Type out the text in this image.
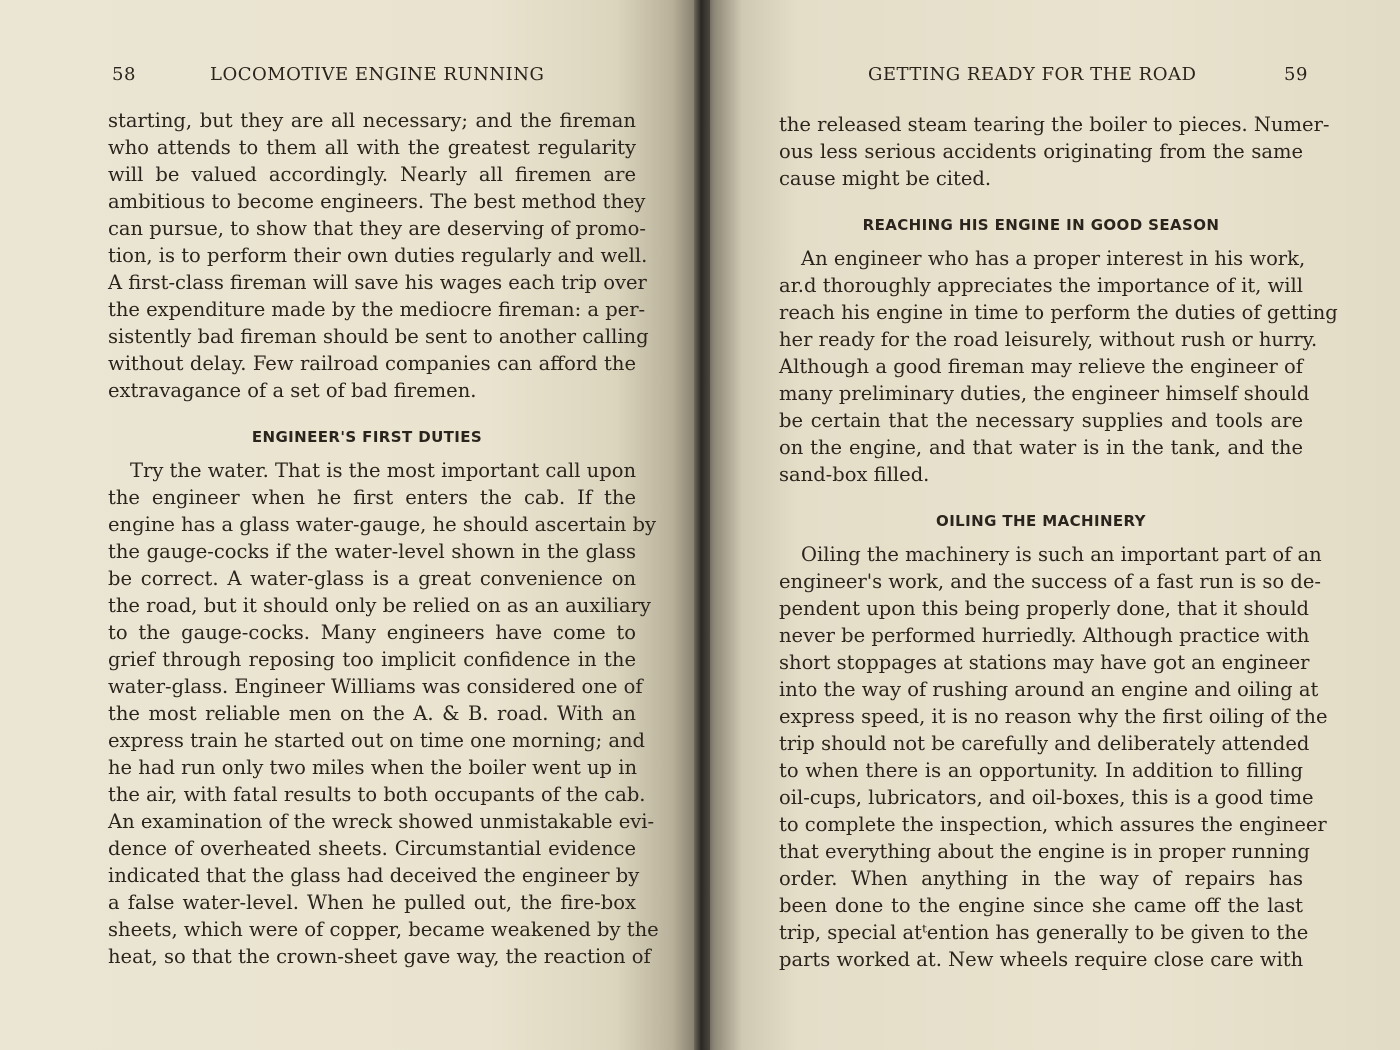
58	LOCOMOTIVE ENGINE RUNNING
starting, but they are all necessary; and the fireman
who attends to them all with the greatest regularity
will be valued accordingly. Nearly all firemen are
ambitious to become engineers. The best method they
can pursue, to show that they are deserving of promo-
tion, is to perform their own duties regularly and well.
A first-class fireman will save his wages each trip over
the expenditure made by the mediocre fireman: a per-
sistently bad fireman should be sent to another calling
without delay. Few railroad companies can afford the
extravagance of a set of bad firemen.
ENGINEER'S FIRST DUTIES
Try the water. That is the most important call upon
the engineer when he first enters the cab. If the
engine has a glass water-gauge, he should ascertain by
the gauge-cocks if the water-level shown in the glass
be correct. A water-glass is a great convenience on
the road, but it should only be relied on as an auxiliary
to the gauge-cocks. Many engineers have come to
grief through reposing too implicit confidence in the
water-glass. Engineer Williams was considered one of
the most reliable men on the A. & B. road. With an
express train he started out on time one morning; and
he had run only two miles when the boiler went up in
the air, with fatal results to both occupants of the cab.
An examination of the wreck showed unmistakable evi-
dence of overheated sheets. Circumstantial evidence
indicated that the glass had deceived the engineer by
a false water-level. When he pulled out, the fire-box
sheets, which were of copper, became weakened by the
heat, so that the crown-sheet gave way, the reaction of
GETTING READY FOR THE ROAD	59
the released steam tearing the boiler to pieces. Numer-
ous less serious accidents originating from the same
cause might be cited.
REACHING HIS ENGINE IN GOOD SEASON
An engineer who has a proper interest in his work,
ar.d thoroughly appreciates the importance of it, will
reach his engine in time to perform the duties of getting
her ready for the road leisurely, without rush or hurry.
Although a good fireman may relieve the engineer of
many preliminary duties, the engineer himself should
be certain that the necessary supplies and tools are
on the engine, and that water is in the tank, and the
sand-box filled.
OILING THE MACHINERY
Oiling the machinery is such an important part of an
engineer's work, and the success of a fast run is so de-
pendent upon this being properly done, that it should
never be performed hurriedly. Although practice with
short stoppages at stations may have got an engineer
into the way of rushing around an engine and oiling at
express speed, it is no reason why the first oiling of the
trip should not be carefully and deliberately attended
to when there is an opportunity. In addition to filling
oil-cups, lubricators, and oil-boxes, this is a good time
to complete the inspection, which assures the engineer
that everything about the engine is in proper running
order. When anything in the way of repairs has
been done to the engine since she came off the last
trip, special atᵗention has generally to be given to the
parts worked at. New wheels require close care with
